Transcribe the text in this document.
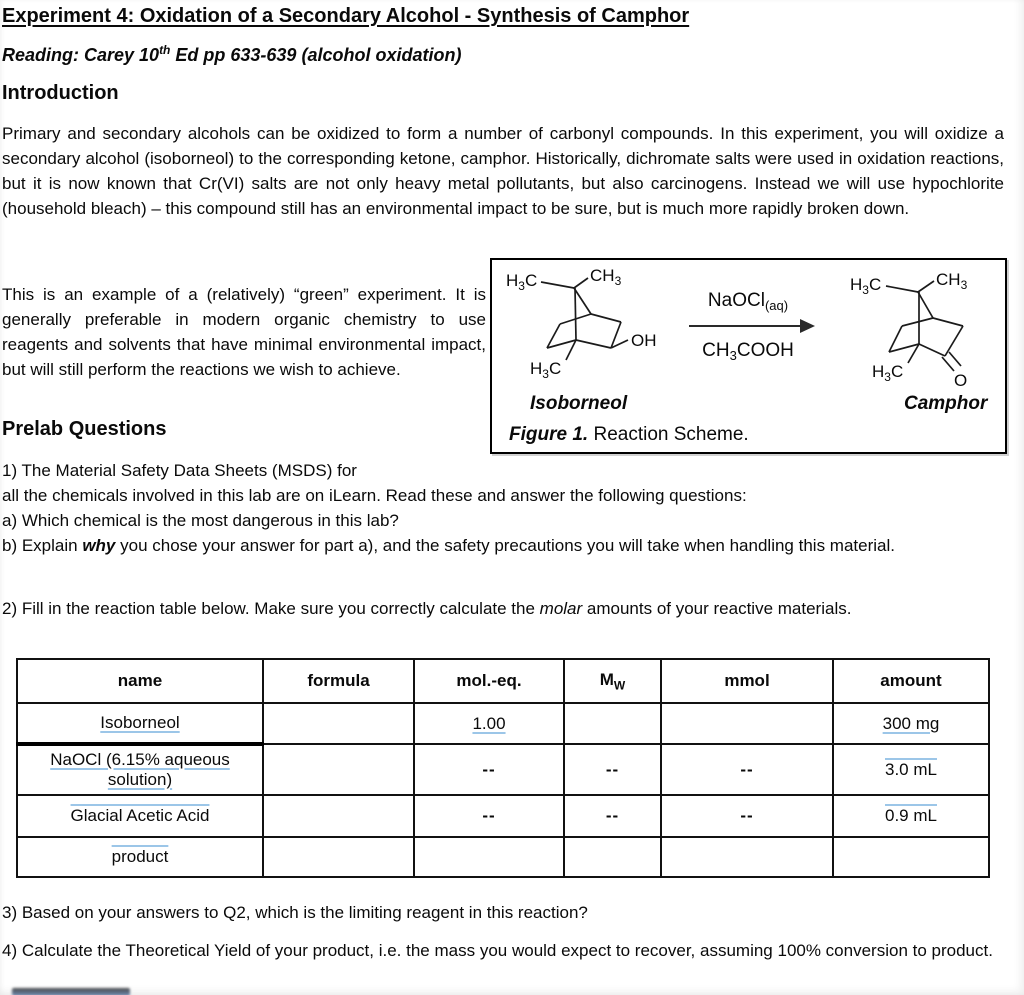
Experiment 4: Oxidation of a Secondary Alcohol - Synthesis of Camphor
Reading: Carey 10th Ed pp 633-639 (alcohol oxidation)
Introduction
Primary and secondary alcohols can be oxidized to form a number of carbonyl compounds. In this experiment, you will oxidize a secondary alcohol (isoborneol) to the corresponding ketone, camphor. Historically, dichromate salts were used in oxidation reactions, but it is now known that Cr(VI) salts are not only heavy metal pollutants, but also carcinogens. Instead we will use hypochlorite (household bleach) – this compound still has an environmental impact to be sure, but is much more rapidly broken down.
$H_3C$	$CH_3$
OH
$H_3C$
$H_3C$	$CH_3$
$H_3C$	O
NaOCl$_{(aq)}$
$CH_3COOH$
Isoborneol	Camphor
Figure 1. Reaction Scheme.
This is an example of a (relatively) “green” experiment. It is generally preferable in modern organic chemistry to use reagents and solvents that have minimal environmental impact, but will still perform the reactions we wish to achieve.
Prelab Questions
1) The Material Safety Data Sheets (MSDS) for
all the chemicals involved in this lab are on iLearn. Read these and answer the following questions:
a) Which chemical is the most dangerous in this lab?
b) Explain why you chose your answer for part a), and the safety precautions you will take when handling this material.
2) Fill in the reaction table below. Make sure you correctly calculate the molar amounts of your reactive materials.
name	formula	mol.-eq.	$M_W$	mmol	amount
Isoborneol		1.00			300 mg
NaOCl (6.15% aqueous solution)		--	--	--	3.0 mL
Glacial Acetic Acid		--	--	--	0.9 mL
product					
3) Based on your answers to Q2, which is the limiting reagent in this reaction?
4) Calculate the Theoretical Yield of your product, i.e. the mass you would expect to recover, assuming 100% conversion to product.
